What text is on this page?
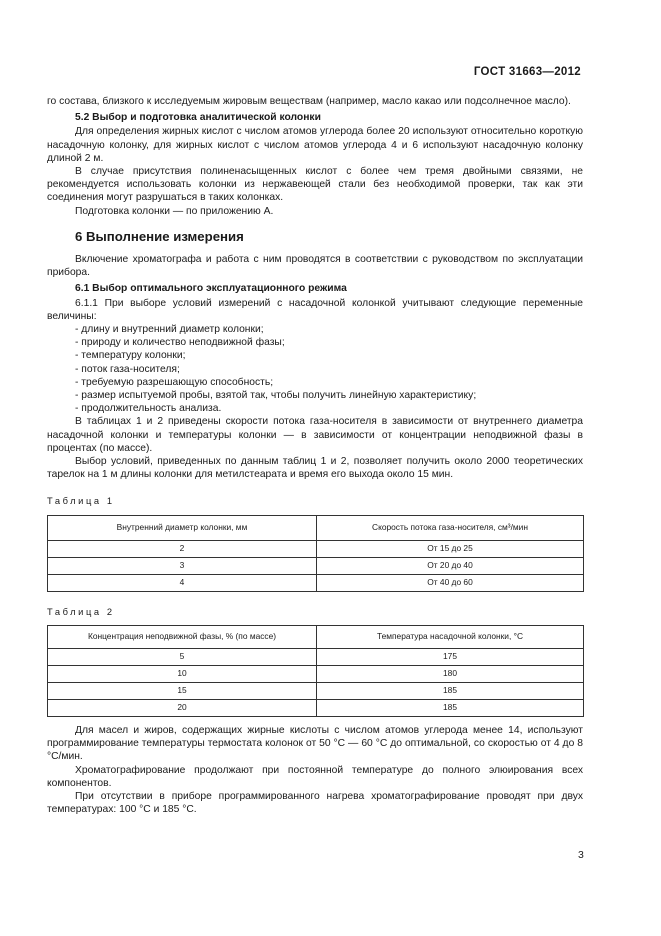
ГОСТ 31663—2012

го состава, близкого к исследуемым жировым веществам (например, масло какао или подсолнечное масло).

5.2 Выбор и подготовка аналитической колонки

Для определения жирных кислот с числом атомов углерода более 20 используют относительно короткую насадочную колонку, для жирных кислот с числом атомов углерода 4 и 6 используют насадочную колонку длиной 2 м.

В случае присутствия полиненасыщенных кислот с более чем тремя двойными связями, не рекомендуется использовать колонки из нержавеющей стали без необходимой проверки, так как эти соединения могут разрушаться в таких колонках.

Подготовка колонки — по приложению А.

6 Выполнение измерения

Включение хроматографа и работа с ним проводятся в соответствии с руководством по эксплуатации прибора.

6.1 Выбор оптимального эксплуатационного режима

6.1.1 При выборе условий измерений с насадочной колонкой учитывают следующие переменные величины:

- длину и внутренний диаметр колонки;
- природу и количество неподвижной фазы;
- температуру колонки;
- поток газа-носителя;
- требуемую разрешающую способность;
- размер испытуемой пробы, взятой так, чтобы получить линейную характеристику;
- продолжительность анализа.

В таблицах 1 и 2 приведены скорости потока газа-носителя в зависимости от внутреннего диаметра насадочной колонки и температуры колонки — в зависимости от концентрации неподвижной фазы в процентах (по массе).

Выбор условий, приведенных по данным таблиц 1 и 2, позволяет получить около 2000 теоретических тарелок на 1 м длины колонки для метилстеарата и время его выхода около 15 мин.

Таблица 1
Внутренний диаметр колонки, мм	Скорость потока газа-носителя, см³/мин
2	От 15 до 25
3	От 20 до 40
4	От 40 до 60
Таблица 2
Концентрация неподвижной фазы, % (по массе)	Температура насадочной колонки, °С
5	175
10	180
15	185
20	185

Для масел и жиров, содержащих жирные кислоты с числом атомов углерода менее 14, используют программирование температуры термостата колонок от 50 °С — 60 °С до оптимальной, со скоростью от 4 до 8 °С/мин.

Хроматографирование продолжают при постоянной температуре до полного элюирования всех компонентов.

При отсутствии в приборе программированного нагрева хроматографирование проводят при двух температурах: 100 °С и 185 °С.

3
